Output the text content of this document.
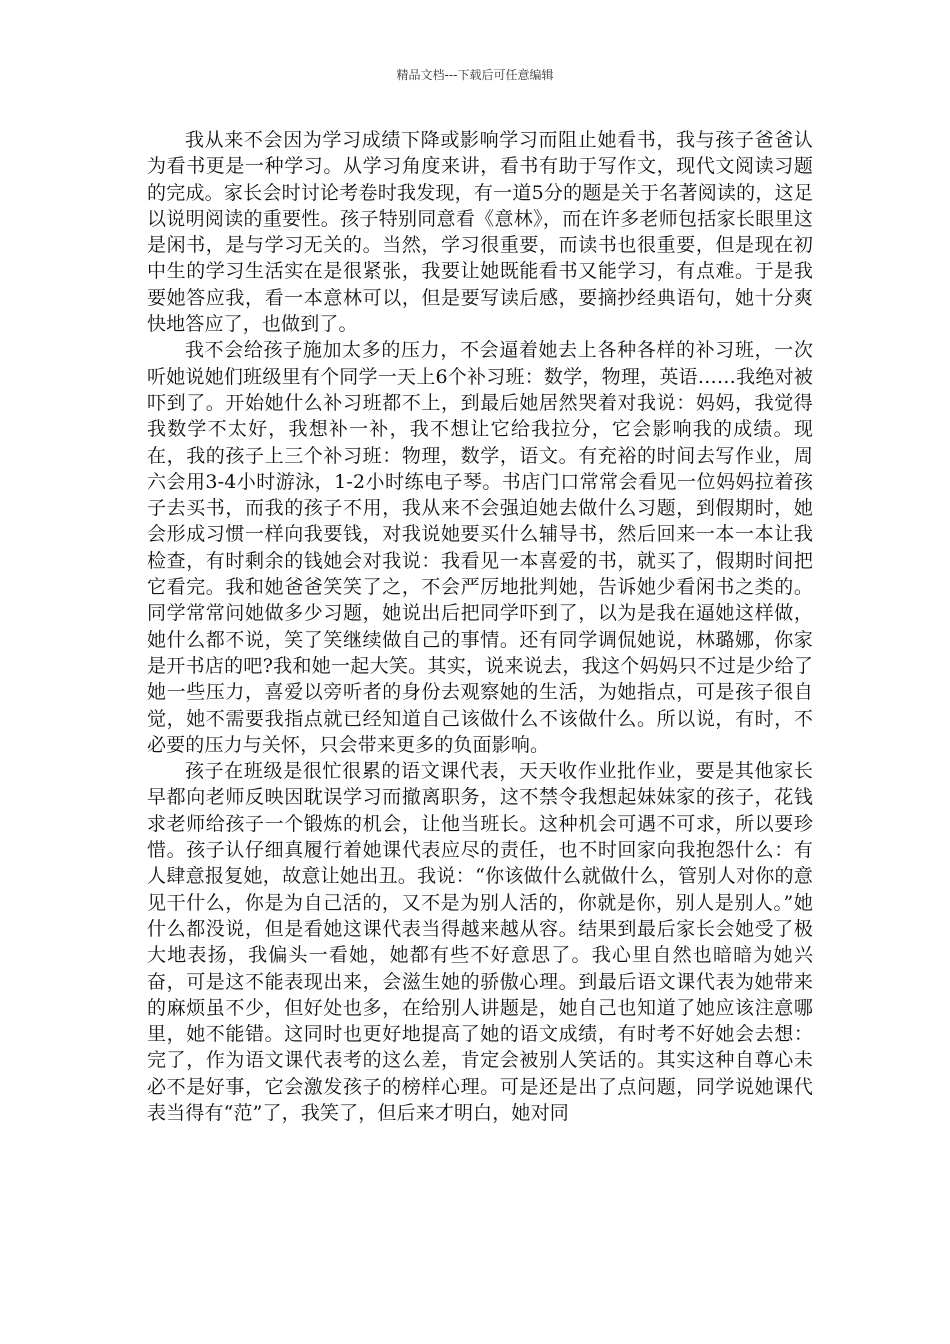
精品文档---下载后可任意编辑

我从来不会因为学习成绩下降或影响学习而阻止她看书，我与孩子爸爸认为看书更是一种学习。从学习角度来讲，看书有助于写作文，现代文阅读习题的完成。家长会时讨论考卷时我发现，有一道5分的题是关于名著阅读的，这足以说明阅读的重要性。孩子特别同意看《意林》，而在许多老师包括家长眼里这是闲书，是与学习无关的。当然，学习很重要，而读书也很重要，但是现在初中生的学习生活实在是很紧张，我要让她既能看书又能学习，有点难。于是我要她答应我，看一本意林可以，但是要写读后感，要摘抄经典语句，她十分爽快地答应了，也做到了。

我不会给孩子施加太多的压力，不会逼着她去上各种各样的补习班，一次听她说她们班级里有个同学一天上6个补习班：数学，物理，英语……我绝对被吓到了。开始她什么补习班都不上，到最后她居然哭着对我说：妈妈，我觉得我数学不太好，我想补一补，我不想让它给我拉分，它会影响我的成绩。现在，我的孩子上三个补习班：物理，数学，语文。有充裕的时间去写作业，周六会用3-4小时游泳，1-2小时练电子琴。书店门口常常会看见一位妈妈拉着孩子去买书，而我的孩子不用，我从来不会强迫她去做什么习题，到假期时，她会形成习惯一样向我要钱，对我说她要买什么辅导书，然后回来一本一本让我检查，有时剩余的钱她会对我说：我看见一本喜爱的书，就买了，假期时间把它看完。我和她爸爸笑笑了之，不会严厉地批判她，告诉她少看闲书之类的。同学常常问她做多少习题，她说出后把同学吓到了，以为是我在逼她这样做，她什么都不说，笑了笑继续做自己的事情。还有同学调侃她说，林璐娜，你家是开书店的吧?我和她一起大笑。其实，说来说去，我这个妈妈只不过是少给了她一些压力，喜爱以旁听者的身份去观察她的生活，为她指点，可是孩子很自觉，她不需要我指点就已经知道自己该做什么不该做什么。所以说，有时，不必要的压力与关怀，只会带来更多的负面影响。

孩子在班级是很忙很累的语文课代表，天天收作业批作业，要是其他家长早都向老师反映因耽误学习而撤离职务，这不禁令我想起妹妹家的孩子，花钱求老师给孩子一个锻炼的机会，让他当班长。这种机会可遇不可求，所以要珍惜。孩子认仔细真履行着她课代表应尽的责任，也不时回家向我抱怨什么：有人肆意报复她，故意让她出丑。我说：“你该做什么就做什么，管别人对你的意见干什么，你是为自己活的，又不是为别人活的，你就是你，别人是别人。”她什么都没说，但是看她这课代表当得越来越从容。结果到最后家长会她受了极大地表扬，我偏头一看她，她都有些不好意思了。我心里自然也暗暗为她兴奋，可是这不能表现出来，会滋生她的骄傲心理。到最后语文课代表为她带来的麻烦虽不少，但好处也多，在给别人讲题是，她自己也知道了她应该注意哪里，她不能错。这同时也更好地提高了她的语文成绩，有时考不好她会去想：完了，作为语文课代表考的这么差，肯定会被别人笑话的。其实这种自尊心未必不是好事，它会激发孩子的榜样心理。可是还是出了点问题，同学说她课代表当得有“范”了，我笑了，但后来才明白，她对同
